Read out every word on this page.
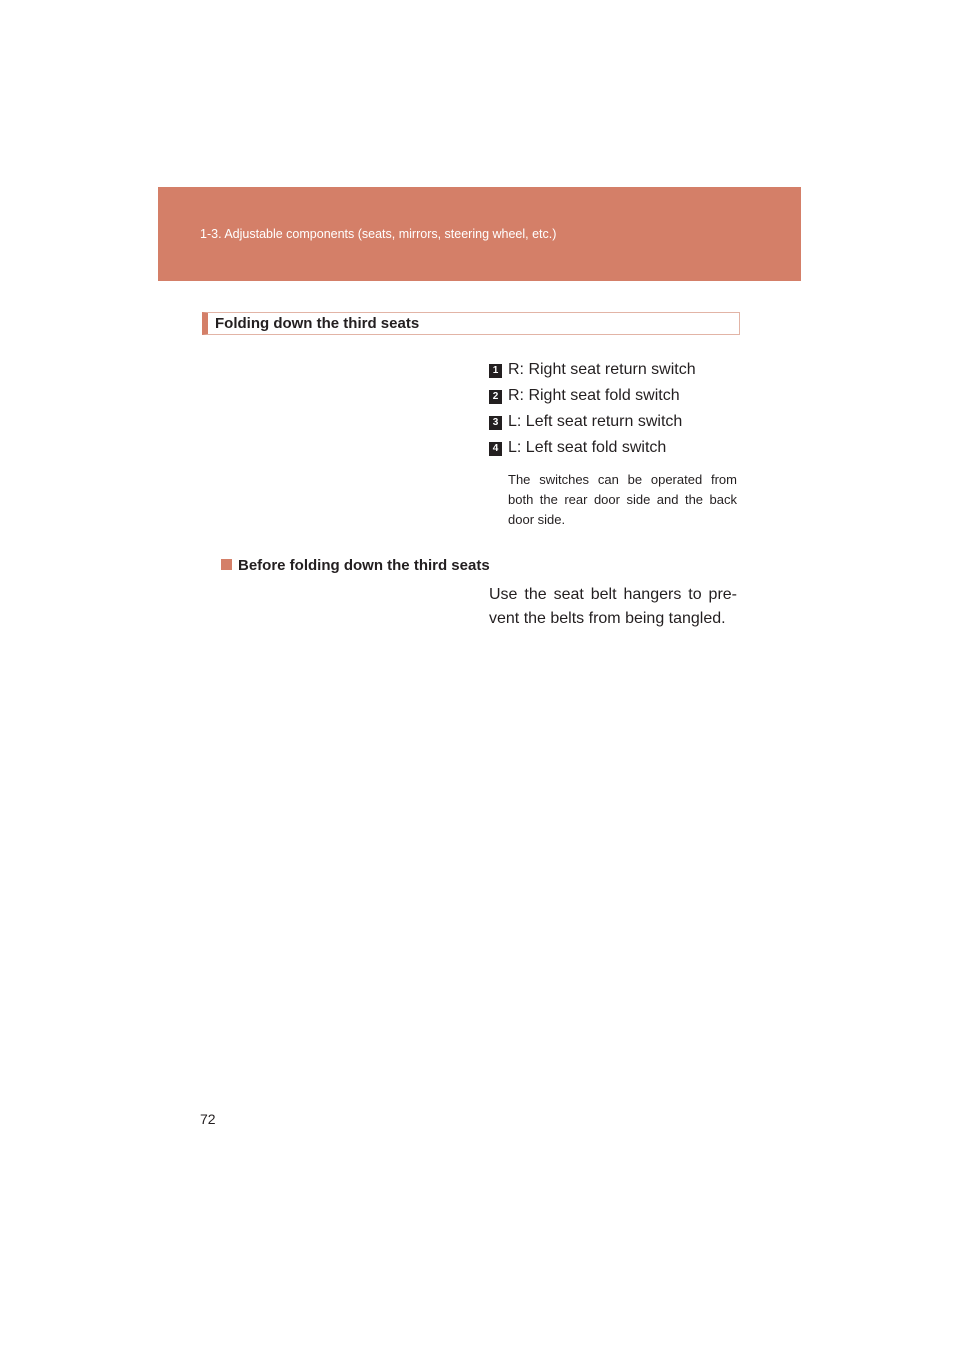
1-3. Adjustable components (seats, mirrors, steering wheel, etc.)
Folding down the third seats
1 R: Right seat return switch
2 R: Right seat fold switch
3 L: Left seat return switch
4 L: Left seat fold switch
The switches can be operated from both the rear door side and the back door side.
Before folding down the third seats
Use the seat belt hangers to pre-vent the belts from being tangled.
72
